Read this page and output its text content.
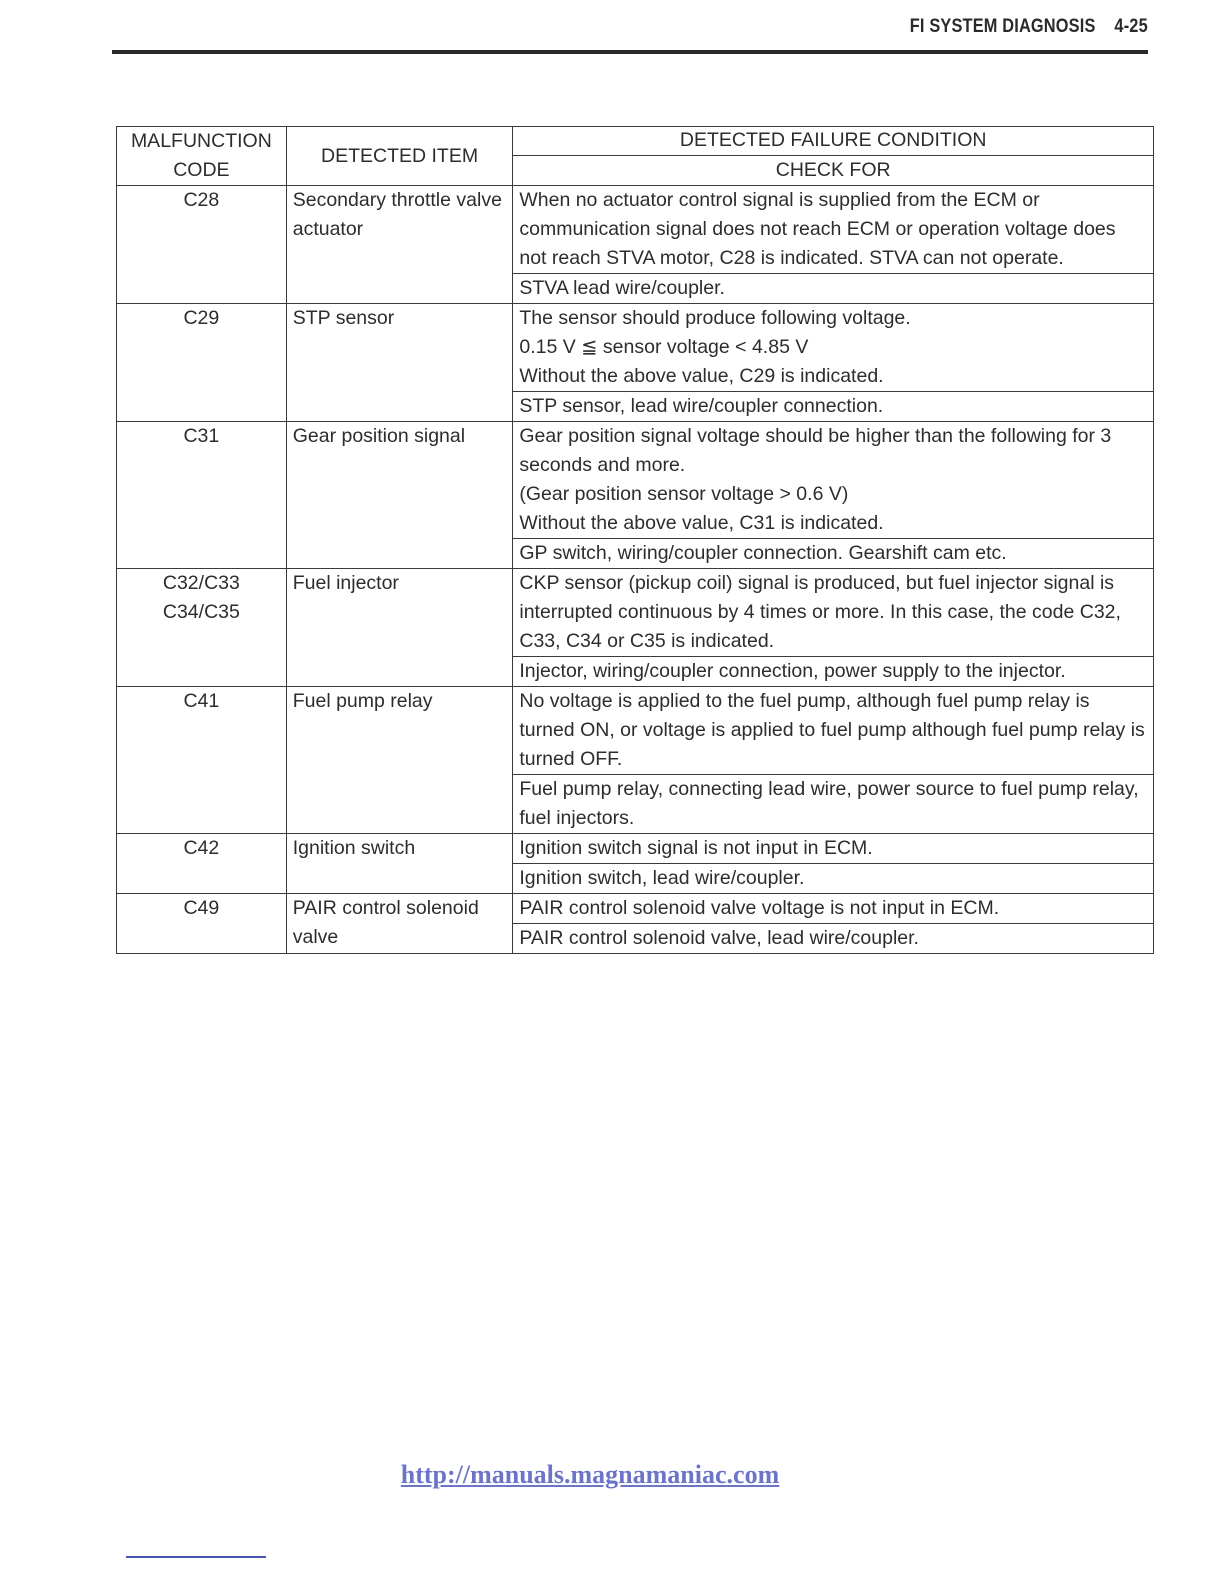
FI SYSTEM DIAGNOSIS 4-25
MALFUNCTION
CODE	DETECTED ITEM	DETECTED FAILURE CONDITION
		CHECK FOR
C28	Secondary throttle valve actuator	When no actuator control signal is supplied from the ECM or communication signal does not reach ECM or operation voltage does not reach STVA motor, C28 is indicated. STVA can not operate.
		STVA lead wire/coupler.
C29	STP sensor	The sensor should produce following voltage.
0.15 V ≦ sensor voltage < 4.85 V
Without the above value, C29 is indicated.

		STP sensor, lead wire/coupler connection.
C31	Gear position signal	Gear position signal voltage should be higher than the following for 3 seconds and more.
(Gear position sensor voltage > 0.6 V)
Without the above value, C31 is indicated.

		GP switch, wiring/coupler connection. Gearshift cam etc.

C32/C33
C34/C35	Fuel injector	CKP sensor (pickup coil) signal is produced, but fuel injector signal is interrupted continuous by 4 times or more. In this case, the code C32, C33, C34 or C35 is indicated.
		Injector, wiring/coupler connection, power supply to the injector.
C41	Fuel pump relay	No voltage is applied to the fuel pump, although fuel pump relay is turned ON, or voltage is applied to fuel pump although fuel pump relay is turned OFF.
		Fuel pump relay, connecting lead wire, power source to fuel pump relay, fuel injectors.
C42	Ignition switch	Ignition switch signal is not input in ECM.
		Ignition switch, lead wire/coupler.
C49	PAIR control solenoid valve	PAIR control solenoid valve voltage is not input in ECM.
		PAIR control solenoid valve, lead wire/coupler.
http://manuals.magnamaniac.com
